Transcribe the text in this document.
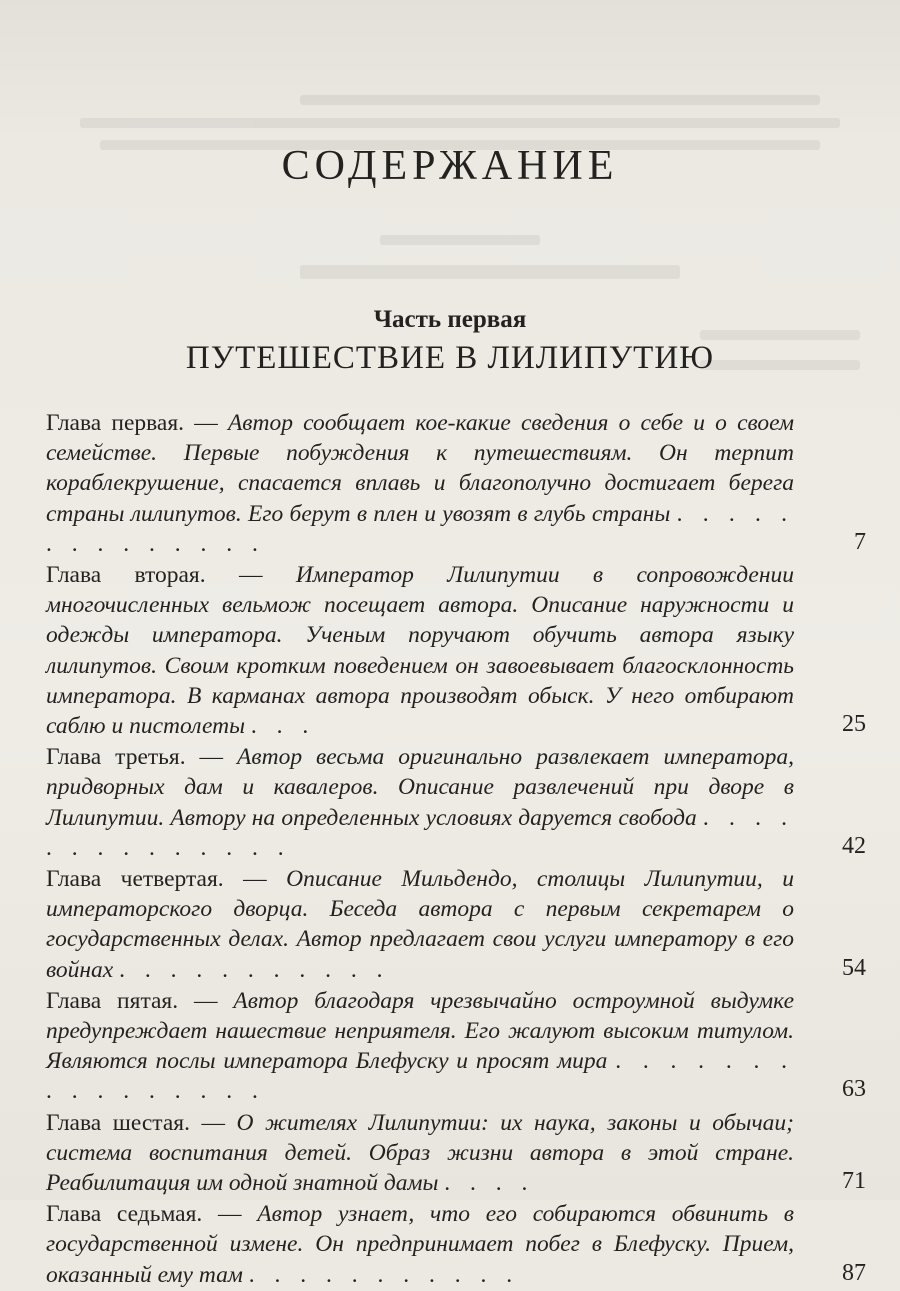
СОДЕРЖАНИЕ
Часть первая
ПУТЕШЕСТВИЕ В ЛИЛИПУТИЮ

Глава первая. — Автор сообщает кое-какие сведения о себе и о своем семействе. Первые побуждения к путешествиям. Он терпит кораблекрушение, спасается вплавь и благополучно достигает берега страны лилипутов. Его берут в плен и увозят в глубь страны . . . . . . . . . . . . . .	7

Глава вторая. — Император Лилипутии в сопровождении многочисленных вельмож посещает автора. Описание наружности и одежды императора. Ученым поручают обучить автора языку лилипутов. Своим кротким поведением он завоевывает благосклонность императора. В карманах автора производят обыск. У него отбирают саблю и пистолеты . . .	25

Глава третья. — Автор весьма оригинально развлекает императора, придворных дам и кавалеров. Описание развлечений при дворе в Лилипутии. Автору на определенных условиях даруется свобода . . . . . . . . . . . . . .	42

Глава четвертая. — Описание Мильдендо, столицы Лилипутии, и императорского дворца. Беседа автора с первым секретарем о государственных делах. Автор предлагает свои услуги императору в его войнах . . . . . . . . . . .	54

Глава пятая. — Автор благодаря чрезвычайно остроумной выдумке предупреждает нашествие неприятеля. Его жалуют высоким титулом. Являются послы императора Блефуску и просят мира . . . . . . . . . . . . . . . .	63

Глава шестая. — О жителях Лилипутии: их наука, законы и обычаи; система воспитания детей. Образ жизни автора в этой стране. Реабилитация им одной знатной дамы . . . .	71

Глава седьмая. — Автор узнает, что его собираются обвинить в государственной измене. Он предпринимает побег в Блефуску. Прием, оказанный ему там . . . . . . . . . . .	87
